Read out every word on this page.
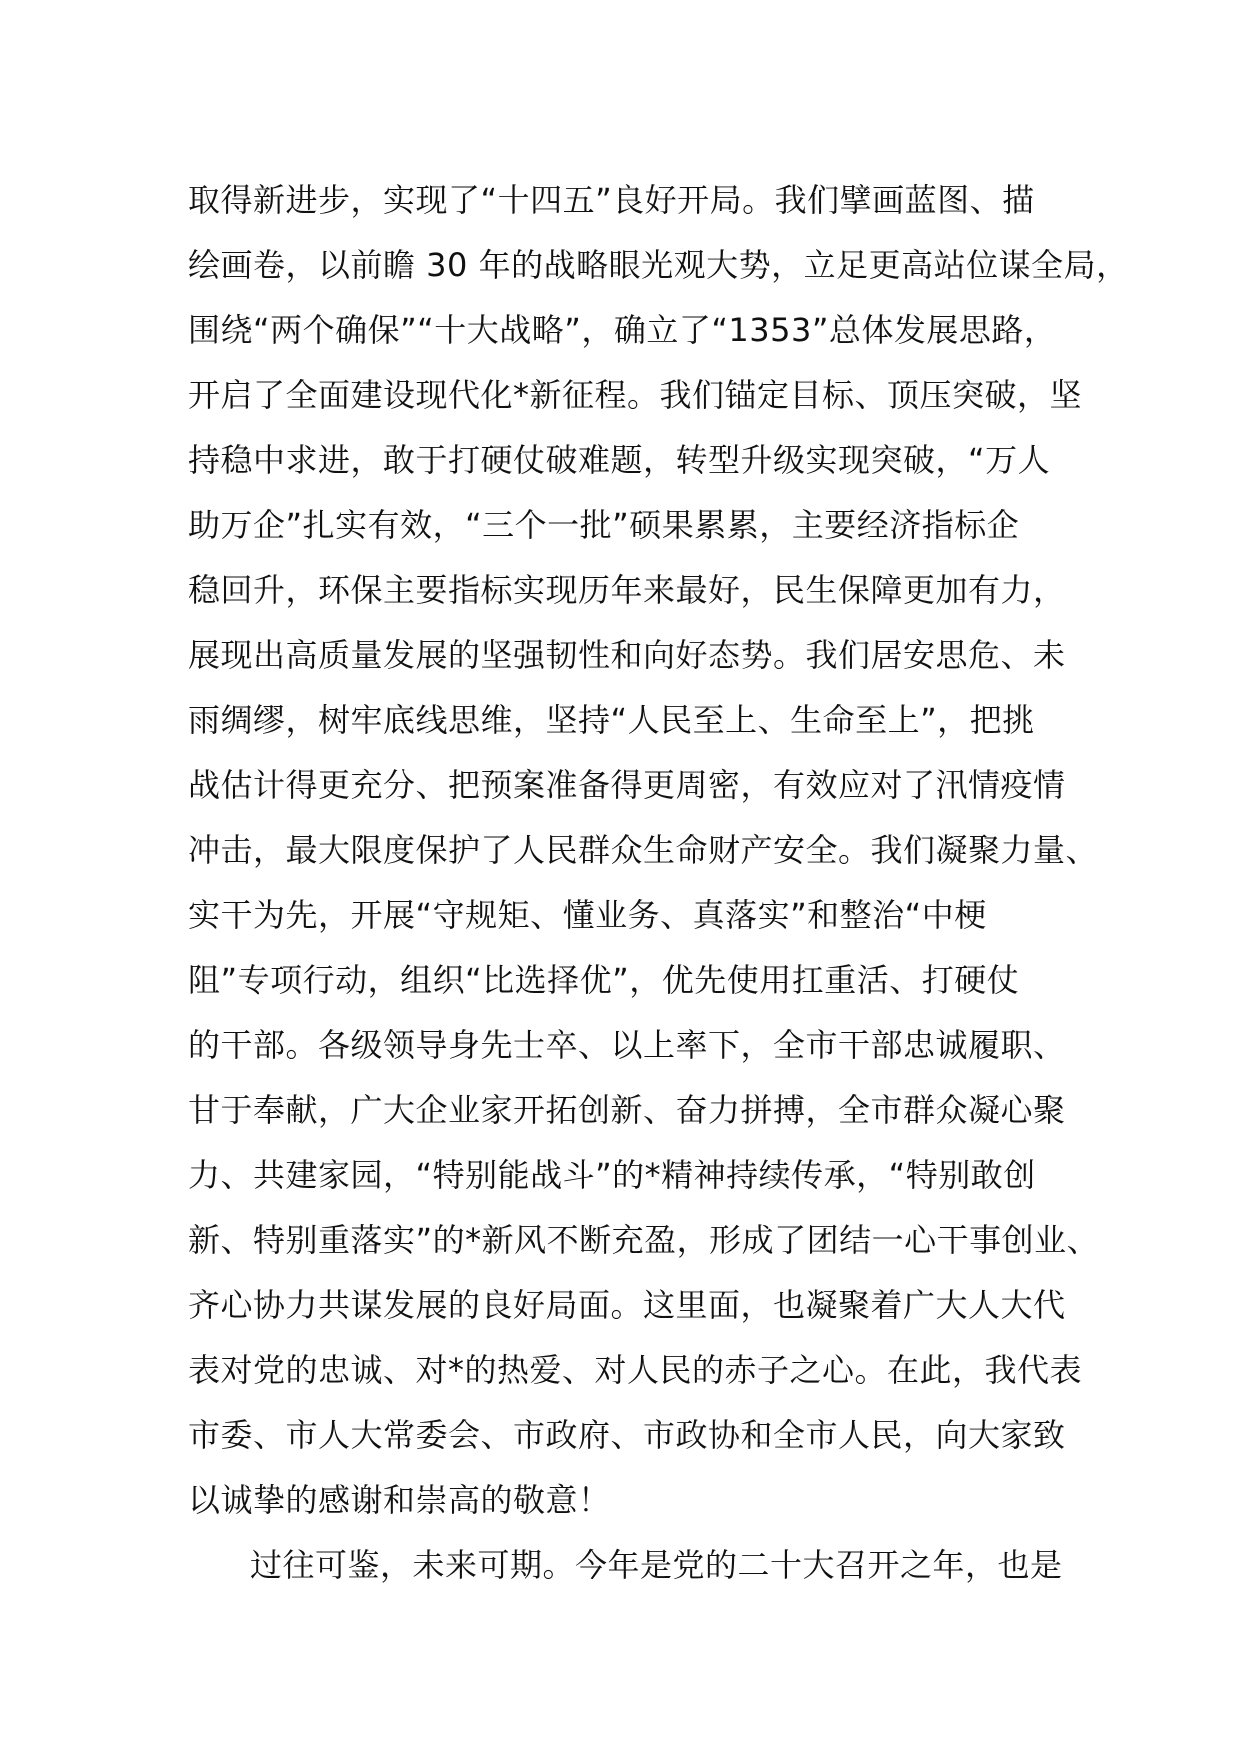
取得新进步，实现了“十四五”良好开局。我们擘画蓝图、描
绘画卷，以前瞻 30 年的战略眼光观大势，立足更高站位谋全局，
围绕“两个确保”“十大战略”，确立了“1353”总体发展思路，
开启了全面建设现代化*新征程。我们锚定目标、顶压突破，坚
持稳中求进，敢于打硬仗破难题，转型升级实现突破，“万人
助万企”扎实有效，“三个一批”硕果累累，主要经济指标企
稳回升，环保主要指标实现历年来最好，民生保障更加有力，
展现出高质量发展的坚强韧性和向好态势。我们居安思危、未
雨绸缪，树牢底线思维，坚持“人民至上、生命至上”，把挑
战估计得更充分、把预案准备得更周密，有效应对了汛情疫情
冲击，最大限度保护了人民群众生命财产安全。我们凝聚力量、
实干为先，开展“守规矩、懂业务、真落实”和整治“中梗
阻”专项行动，组织“比选择优”，优先使用扛重活、打硬仗
的干部。各级领导身先士卒、以上率下，全市干部忠诚履职、
甘于奉献，广大企业家开拓创新、奋力拼搏，全市群众凝心聚
力、共建家园，“特别能战斗”的*精神持续传承，“特别敢创
新、特别重落实”的*新风不断充盈，形成了团结一心干事创业、
齐心协力共谋发展的良好局面。这里面，也凝聚着广大人大代
表对党的忠诚、对*的热爱、对人民的赤子之心。在此，我代表
市委、市人大常委会、市政府、市政协和全市人民，向大家致
以诚挚的感谢和崇高的敬意！
过往可鉴，未来可期。今年是党的二十大召开之年，也是
